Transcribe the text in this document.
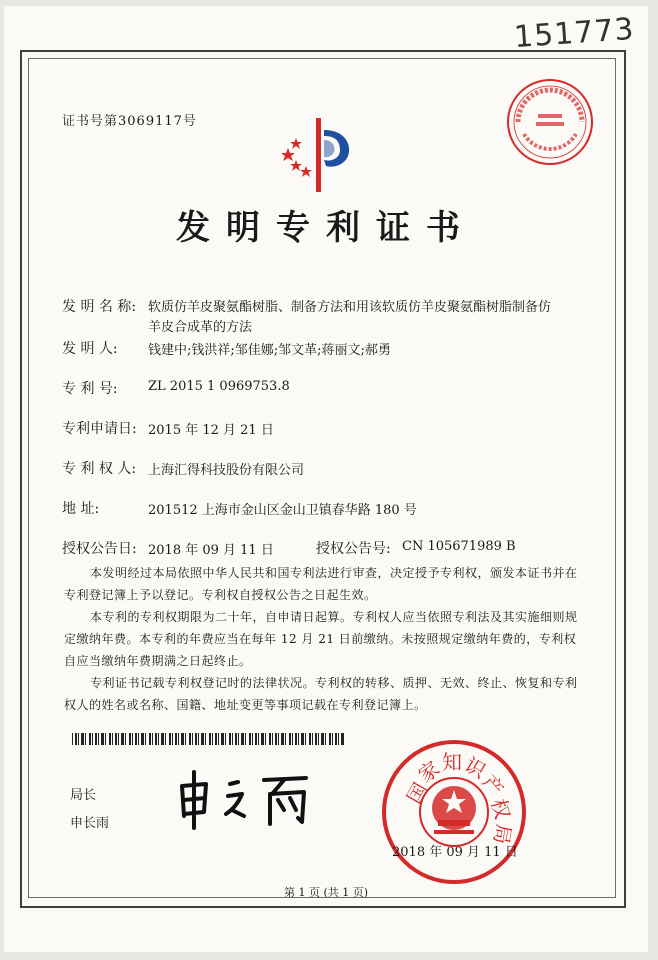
151773
证书号第3069117号
发明专利证书
发 明 名 称: 软质仿羊皮聚氨酯树脂、制备方法和用该软质仿羊皮聚氨酯树脂制备仿
羊皮合成革的方法
发 明 人: 钱建中;钱洪祥;邹佳娜;邹文革;蒋丽文;郝勇
专 利 号: ZL 2015 1 0969753.8
专利申请日: 2015 年 12 月 21 日
专 利 权 人: 上海汇得科技股份有限公司
地 址:	201512 上海市金山区金山卫镇春华路 180 号
授权公告日: 2018 年 09 月 11 日	授权公告号: CN 105671989 B
本发明经过本局依照中华人民共和国专利法进行审查，决定授予专利权，颁发本证书并在专利登记簿上予以登记。专利权自授权公告之日起生效。
本专利的专利权期限为二十年，自申请日起算。专利权人应当依照专利法及其实施细则规定缴纳年费。本专利的年费应当在每年 12 月 21 日前缴纳。未按照规定缴纳年费的，专利权自应当缴纳年费期满之日起终止。
专利证书记载专利权登记时的法律状况。专利权的转移、质押、无效、终止、恢复和专利权人的姓名或名称、国籍、地址变更等事项记载在专利登记簿上。
局长
申长雨
国
家
知
识
产
权
局
2018 年 09 月 11 日
第 1 页 (共 1 页)
